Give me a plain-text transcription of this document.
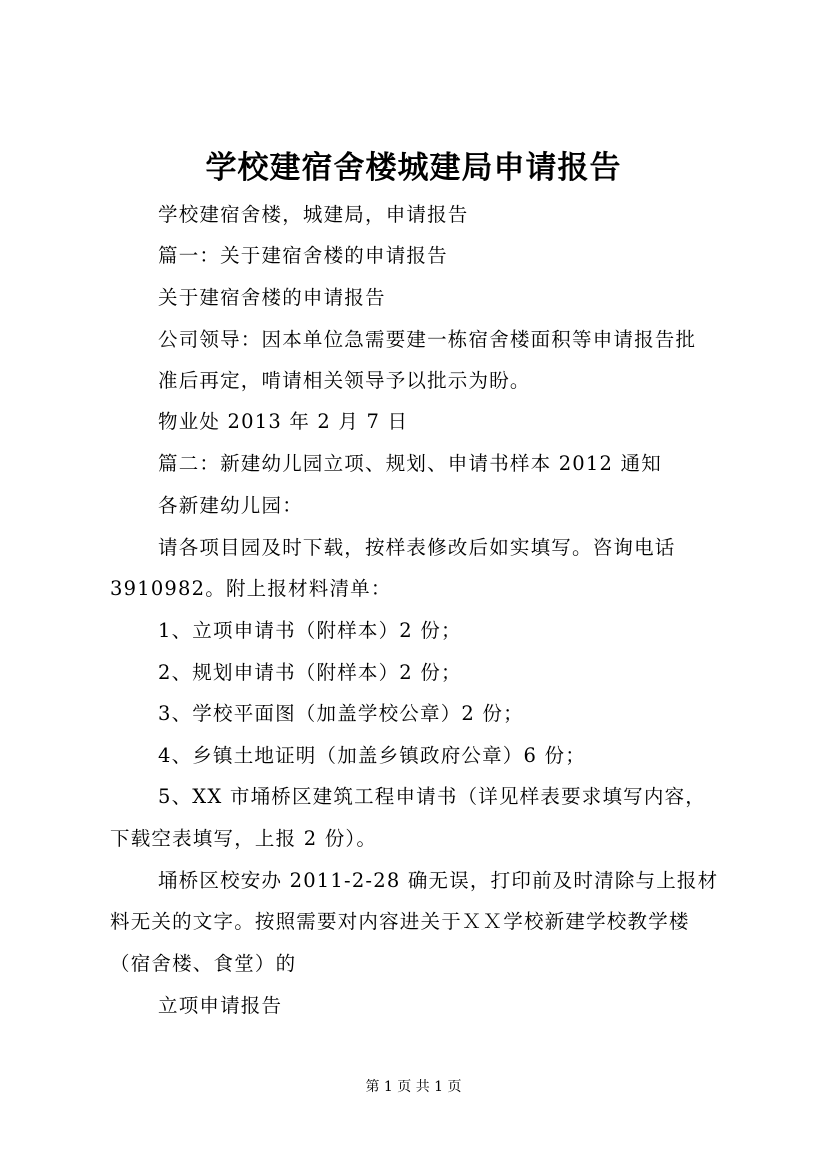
学校建宿舍楼城建局申请报告
学校建宿舍楼，城建局，申请报告
篇一：关于建宿舍楼的申请报告
关于建宿舍楼的申请报告
公司领导：因本单位急需要建一栋宿舍楼面积等申请报告批
准后再定，啃请相关领导予以批示为盼。
物业处 2013 年 2 月 7 日
篇二：新建幼儿园立项、规划、申请书样本 2012 通知
各新建幼儿园：
请各项目园及时下载，按样表修改后如实填写。咨询电话
3910982。附上报材料清单：
1、立项申请书（附样本）2 份；
2、规划申请书（附样本）2 份；
3、学校平面图（加盖学校公章）2 份；
4、乡镇土地证明（加盖乡镇政府公章）6 份；
5、XX 市埇桥区建筑工程申请书（详见样表要求填写内容，
下载空表填写，上报 2 份）。
埇桥区校安办 2011-2-28 确无误，打印前及时清除与上报材
料无关的文字。按照需要对内容进关于ＸＸ学校新建学校教学楼
（宿舍楼、食堂）的
立项申请报告
第 1 页 共 1 页
